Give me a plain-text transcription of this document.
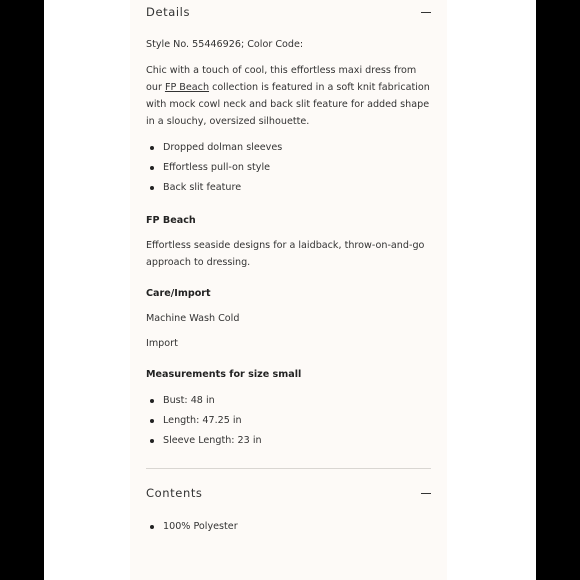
Details

Style No. 55446926; Color Code:

Chic with a touch of cool, this effortless maxi dress from our FP Beach collection is featured in a soft knit fabrication with mock cowl neck and back slit feature for added shape in a slouchy, oversized silhouette.

Dropped dolman sleeves
Effortless pull-on style
Back slit feature

FP Beach

Effortless seaside designs for a laidback, throw-on-and-go approach to dressing.

Care/Import

Machine Wash Cold

Import

Measurements for size small

Bust: 48 in
Length: 47.25 in
Sleeve Length: 23 in
Contents
100% Polyester
